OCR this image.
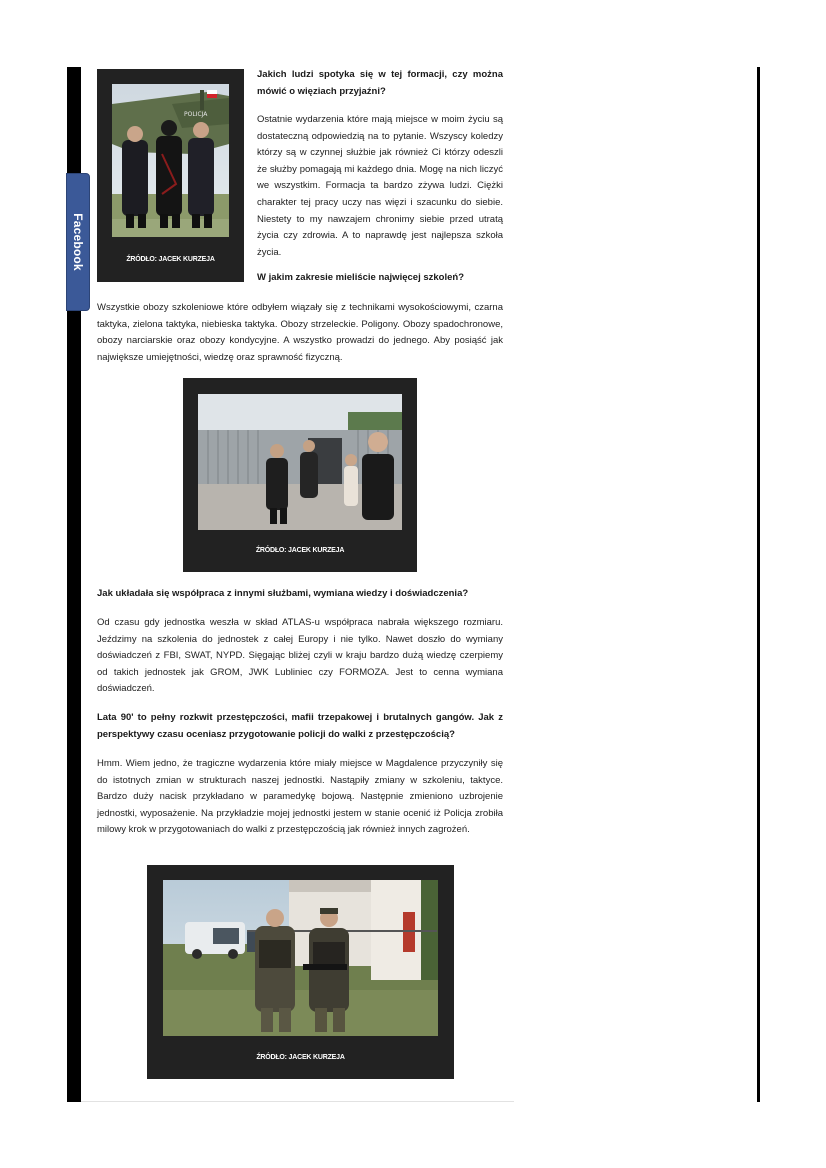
Facebook
POLICJA
ŹRÓDŁO: JACEK KURZEJA
ŹRÓDŁO: JACEK KURZEJA
ŹRÓDŁO: JACEK KURZEJA
Jakich ludzi spotyka się w tej formacji, czy można mówić o więziach przyjaźni?
Ostatnie wydarzenia które mają miejsce w moim życiu są dostateczną odpowiedzią na to pytanie. Wszyscy koledzy którzy są w czynnej służbie jak również Ci którzy odeszli że służby pomagają mi każdego dnia. Mogę na nich liczyć we wszystkim. Formacja ta bardzo zżywa ludzi. Ciężki charakter tej pracy uczy nas więzi i szacunku do siebie. Niestety to my nawzajem chronimy siebie przed utratą życia czy zdrowia. A to naprawdę jest najlepsza szkoła życia.
W jakim zakresie mieliście najwięcej szkoleń?
Wszystkie obozy szkoleniowe które odbyłem wiązały się z technikami wysokościowymi, czarna taktyka, zielona taktyka, niebieska taktyka. Obozy strzeleckie. Poligony. Obozy spadochronowe, obozy narciarskie oraz obozy kondycyjne. A wszystko prowadzi do jednego. Aby posiąść jak największe umiejętności, wiedzę oraz sprawność fizyczną.
Jak układała się współpraca z innymi służbami, wymiana wiedzy i doświadczenia?
Od czasu gdy jednostka weszła w skład ATLAS-u współpraca nabrała większego rozmiaru. Jeździmy na szkolenia do jednostek z całej Europy i nie tylko. Nawet doszło do wymiany doświadczeń z FBI, SWAT, NYPD. Sięgając bliżej czyli w kraju bardzo dużą wiedzę czerpiemy od takich jednostek jak GROM, JWK Lubliniec czy FORMOZA. Jest to cenna wymiana doświadczeń.
Lata 90' to pełny rozkwit przestępczości, mafii trzepakowej i brutalnych gangów. Jak z perspektywy czasu oceniasz przygotowanie policji do walki z przestępczością?
Hmm. Wiem jedno, że tragiczne wydarzenia które miały miejsce w Magdalence przyczyniły się do istotnych zmian w strukturach naszej jednostki. Nastąpiły zmiany w szkoleniu, taktyce. Bardzo duży nacisk przykładano w paramedykę bojową. Następnie zmieniono uzbrojenie jednostki, wyposażenie. Na przykładzie mojej jednostki jestem w stanie ocenić iż Policja zrobiła milowy krok w przygotowaniach do walki z przestępczością jak również innych zagrożeń.
